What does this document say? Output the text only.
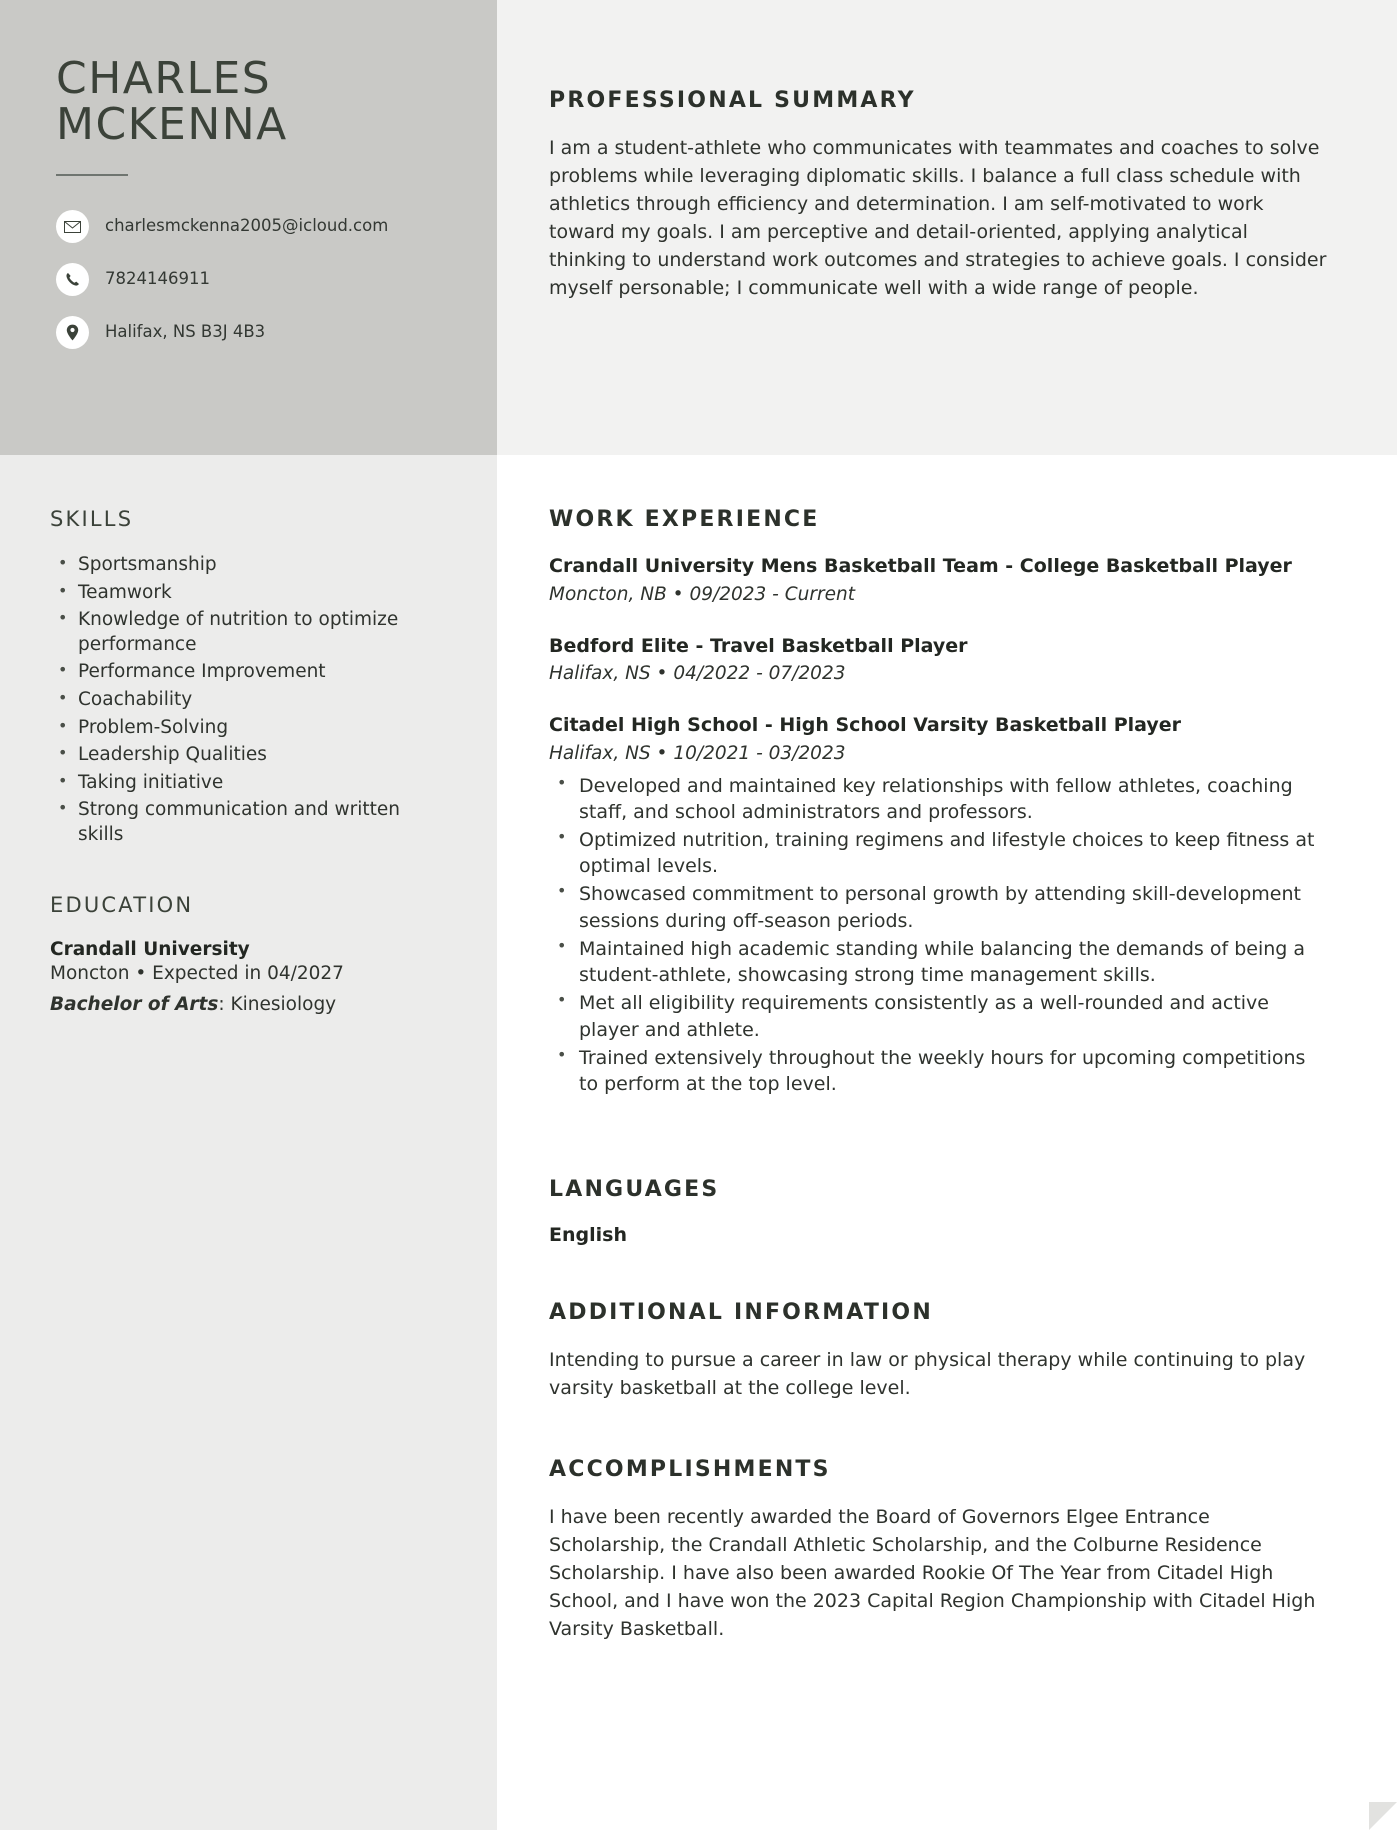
CHARLES
MCKENNA
charlesmckenna2005@icloud.com
7824146911
Halifax, NS B3J 4B3
SKILLS
• Sportsmanship
• Teamwork
• Knowledge of nutrition to optimize performance
• Performance Improvement
• Coachability
• Problem-Solving
• Leadership Qualities
• Taking initiative
• Strong communication and written skills
EDUCATION
Crandall University
Moncton • Expected in 04/2027
Bachelor of Arts: Kinesiology
PROFESSIONAL SUMMARY

I am a student-athlete who communicates with teammates and coaches to solve problems while leveraging diplomatic skills. I balance a full class schedule with athletics through efficiency and determination. I am self-motivated to work toward my goals. I am perceptive and detail-oriented, applying analytical thinking to understand work outcomes and strategies to achieve goals. I consider myself personable; I communicate well with a wide range of people.

WORK EXPERIENCE
Crandall University Mens Basketball Team - College Basketball Player
Moncton, NB • 09/2023 - Current
Bedford Elite - Travel Basketball Player
Halifax, NS • 04/2022 - 07/2023
Citadel High School - High School Varsity Basketball Player
Halifax, NS • 10/2021 - 03/2023
• Developed and maintained key relationships with fellow athletes, coaching staff, and school administrators and professors.
• Optimized nutrition, training regimens and lifestyle choices to keep fitness at optimal levels.
• Showcased commitment to personal growth by attending skill-development sessions during off-season periods.
• Maintained high academic standing while balancing the demands of being a student-athlete, showcasing strong time management skills.
• Met all eligibility requirements consistently as a well-rounded and active player and athlete.
• Trained extensively throughout the weekly hours for upcoming competitions to perform at the top level.
LANGUAGES
English
ADDITIONAL INFORMATION

Intending to pursue a career in law or physical therapy while continuing to play varsity basketball at the college level.

ACCOMPLISHMENTS

I have been recently awarded the Board of Governors Elgee Entrance Scholarship, the Crandall Athletic Scholarship, and the Colburne Residence Scholarship. I have also been awarded Rookie Of The Year from Citadel High School, and I have won the 2023 Capital Region Championship with Citadel High Varsity Basketball.
